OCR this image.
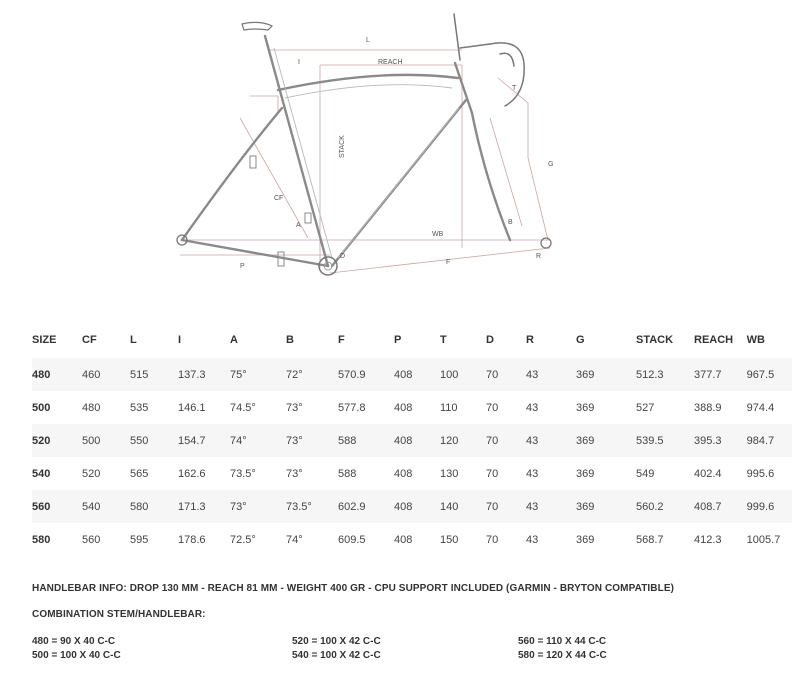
L
REACH
I
STACK
CF
A
WB
T
G
B
R
P
D
F
SIZE	CF	L	I	A	B	F	P	T	D	R	G	STACK	REACH	WB
480	460	515	137.3	75°	72°	570.9	408	100	70	43	369	512.3	377.7	967.5
500	480	535	146.1	74.5°	73°	577.8	408	110	70	43	369	527	388.9	974.4
520	500	550	154.7	74°	73°	588	408	120	70	43	369	539.5	395.3	984.7
540	520	565	162.6	73.5°	73°	588	408	130	70	43	369	549	402.4	995.6
560	540	580	171.3	73°	73.5°	602.9	408	140	70	43	369	560.2	408.7	999.6
580	560	595	178.6	72.5°	74°	609.5	408	150	70	43	369	568.7	412.3	1005.7
HANDLEBAR INFO: DROP 130 MM - REACH 81 MM - WEIGHT 400 GR - CPU SUPPORT INCLUDED (GARMIN - BRYTON COMPATIBLE)
COMBINATION STEM/HANDLEBAR:
480 = 90 X 40 C-C
500 = 100 X 40 C-C
520 = 100 X 42 C-C
540 = 100 X 42 C-C
560 = 110 X 44 C-C
580 = 120 X 44 C-C
